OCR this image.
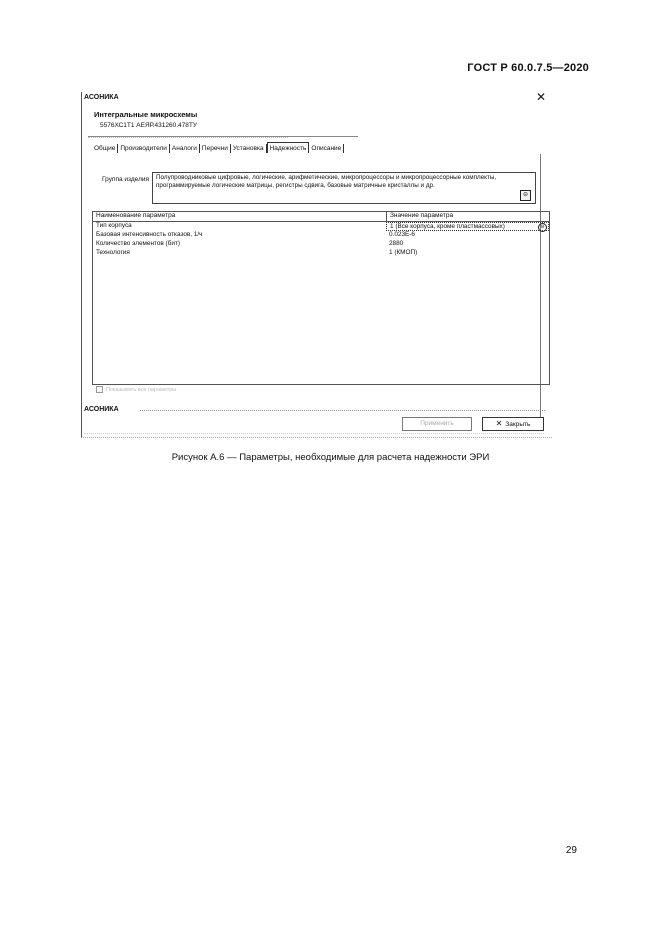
ГОСТ Р 60.0.7.5—2020
АСОНИКА	✕
Интегральные микросхемы
5576ХС1Т1 АЕЯР.431260.478ТУ
Общие Производители Аналоги Перечни Установка Надежность Описание
Группа изделия	Полупроводниковые цифровые, логические, арифметические, микропроцессоры и микропроцессорные комплекты, программируемые логические матрицы, регистры сдвига, базовые матричные кристаллы и др.
⊖
Наименование параметра	Значение параметра
Тип корпуса	1 (Все корпуса, кроме пластмассовых)	⊖
Базовая интенсивность отказов, 1/ч	0.023E-6
Количество элементов (бит)	2880
Технология	1 (КМОП)
Показывать все параметры
АСОНИКА
Применить	✕ Закрыть
Рисунок А.6 — Параметры, необходимые для расчета надежности ЭРИ
29
